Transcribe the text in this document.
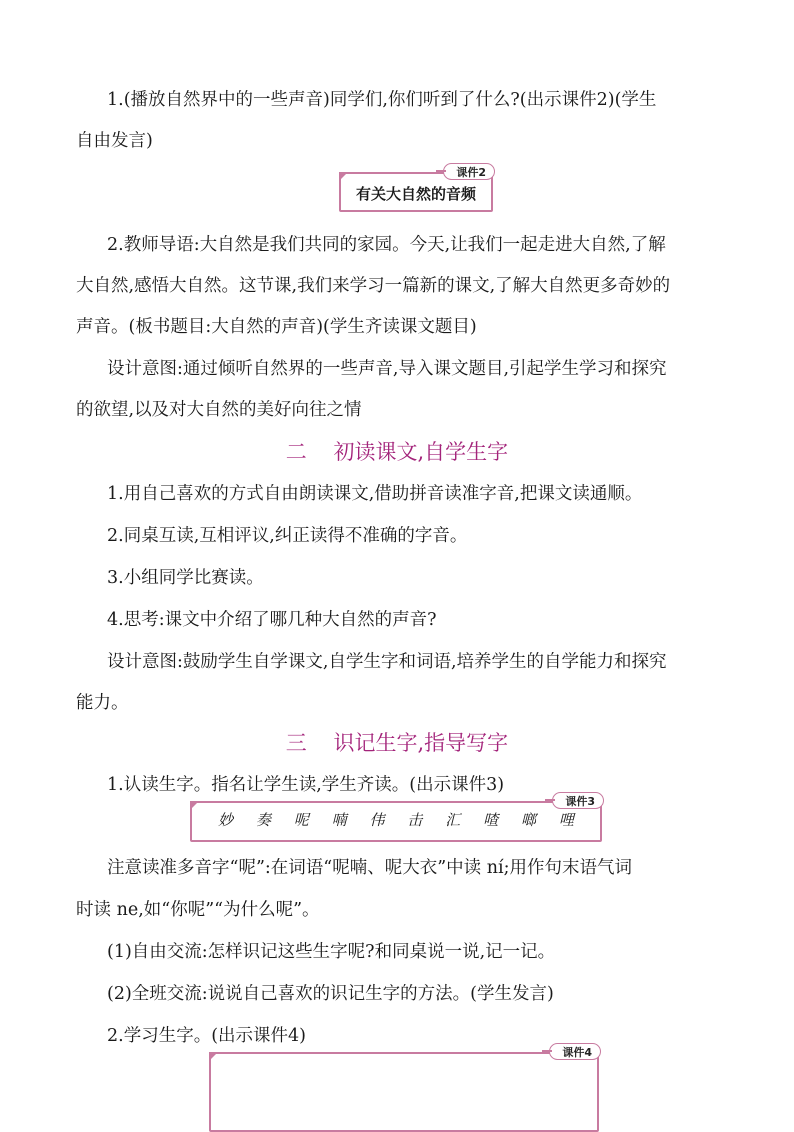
1.(播放自然界中的一些声音)同学们,你们听到了什么?(出示课件2)(学生
自由发言)
课件2
有关大自然的音频
2.教师导语:大自然是我们共同的家园。今天,让我们一起走进大自然,了解
大自然,感悟大自然。这节课,我们来学习一篇新的课文,了解大自然更多奇妙的
声音。(板书题目:大自然的声音)(学生齐读课文题目)
设计意图:通过倾听自然界的一些声音,导入课文题目,引起学生学习和探究
的欲望,以及对大自然的美好向往之情
二    初读课文,自学生字
1.用自己喜欢的方式自由朗读课文,借助拼音读准字音,把课文读通顺。
2.同桌互读,互相评议,纠正读得不准确的字音。
3.小组同学比赛读。
4.思考:课文中介绍了哪几种大自然的声音?
设计意图:鼓励学生自学课文,自学生字和词语,培养学生的自学能力和探究
能力。
三    识记生字,指导写字
1.认读生字。指名让学生读,学生齐读。(出示课件3)
课件3
妙 奏 呢 喃 伟 击 汇 喳 啷 哩
注意读准多音字“呢”:在词语“呢喃、呢大衣”中读 ní;用作句末语气词
时读 ne,如“你呢”“为什么呢”。
(1)自由交流:怎样识记这些生字呢?和同桌说一说,记一记。
(2)全班交流:说说自己喜欢的识记生字的方法。(学生发言)
2.学习生字。(出示课件4)
课件4
